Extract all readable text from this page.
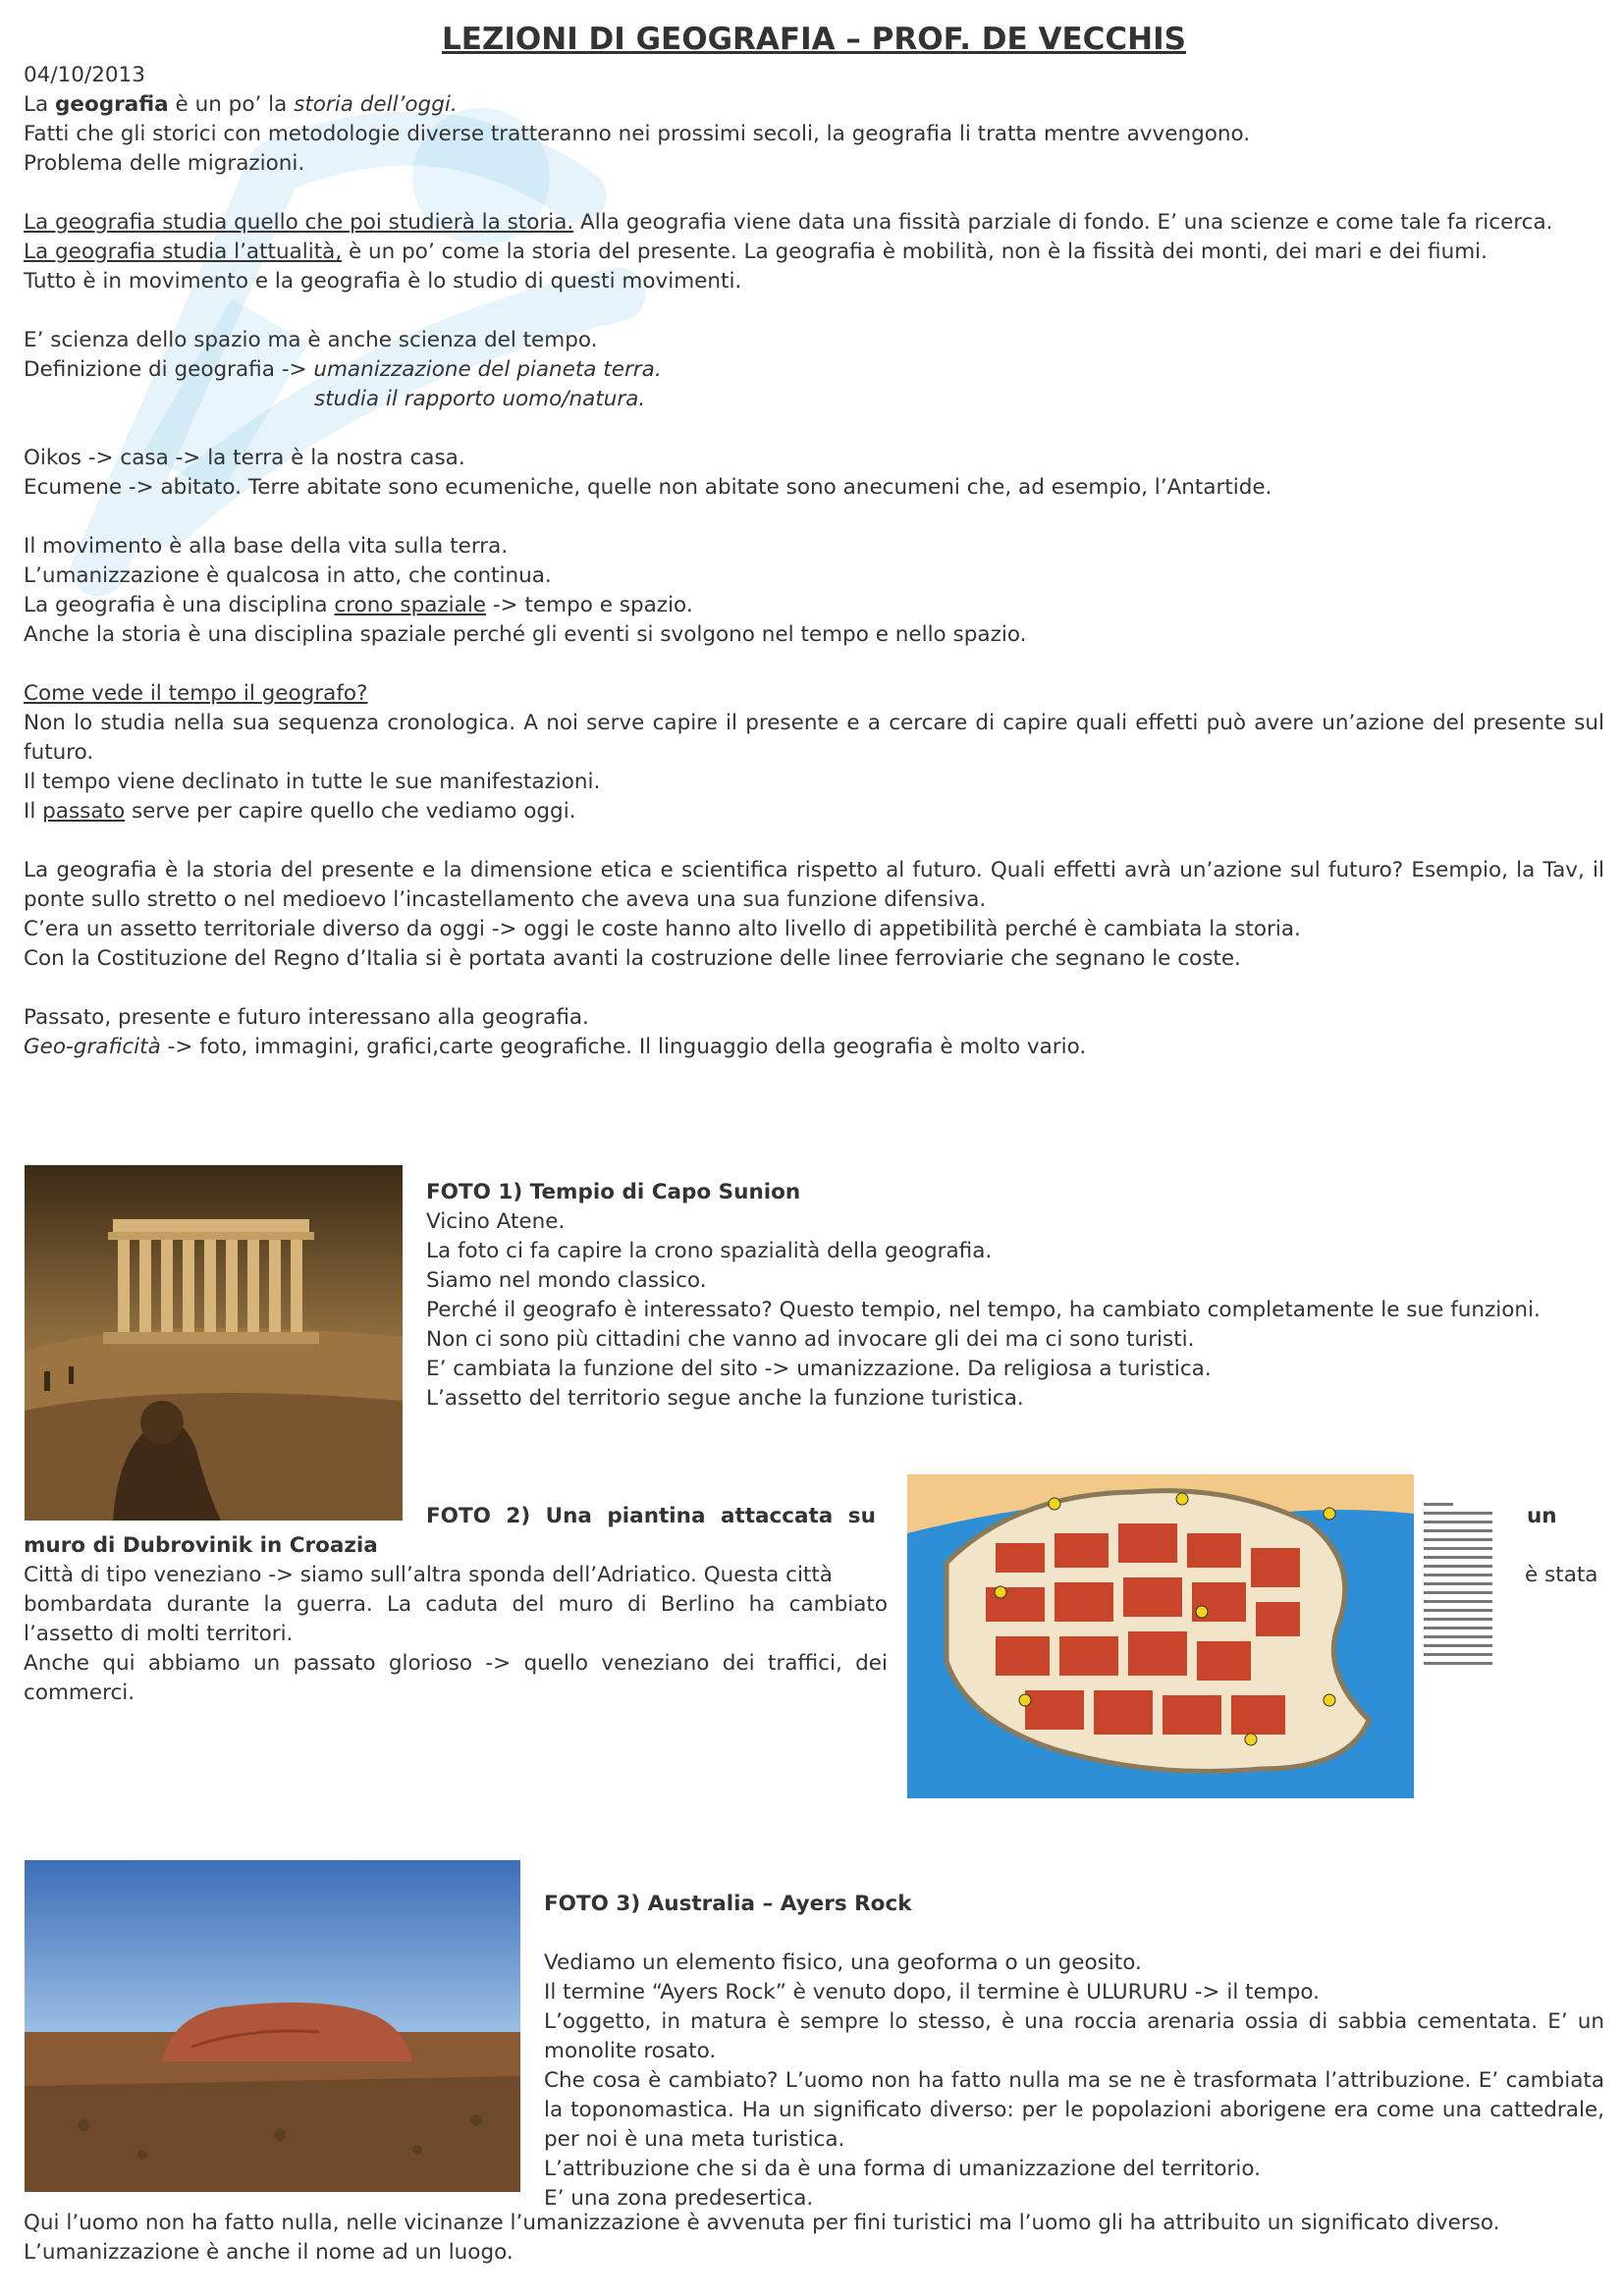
LEZIONI DI GEOGRAFIA – PROF. DE VECCHIS

04/10/2013

La geografia è un po’ la storia dell’oggi.

Fatti che gli storici con metodologie diverse tratteranno nei prossimi secoli, la geografia li tratta mentre avvengono.

Problema delle migrazioni.

La geografia studia quello che poi studierà la storia. Alla geografia viene data una fissità parziale di fondo. E’ una scienze e come tale fa ricerca.

La geografia studia l’attualità, è un po’ come la storia del presente. La geografia è mobilità, non è la fissità dei monti, dei mari e dei fiumi.

Tutto è in movimento e la geografia è lo studio di questi movimenti.

E’ scienza dello spazio ma è anche scienza del tempo.

Definizione di geografia -> umanizzazione del pianeta terra.

studia il rapporto uomo/natura.

Oikos -> casa -> la terra è la nostra casa.

Ecumene -> abitato. Terre abitate sono ecumeniche, quelle non abitate sono anecumeni che, ad esempio, l’Antartide.

Il movimento è alla base della vita sulla terra.

L’umanizzazione è qualcosa in atto, che continua.

La geografia è una disciplina crono spaziale -> tempo e spazio.

Anche la storia è una disciplina spaziale perché gli eventi si svolgono nel tempo e nello spazio.

Come vede il tempo il geografo?

Non lo studia nella sua sequenza cronologica. A noi serve capire il presente e a cercare di capire quali effetti può avere un’azione del presente sul futuro.

Il tempo viene declinato in tutte le sue manifestazioni.

Il passato serve per capire quello che vediamo oggi.

La geografia è la storia del presente e la dimensione etica e scientifica rispetto al futuro. Quali effetti avrà un’azione sul futuro? Esempio, la Tav, il ponte sullo stretto o nel medioevo l’incastellamento che aveva una sua funzione difensiva.

C’era un assetto territoriale diverso da oggi -> oggi le coste hanno alto livello di appetibilità perché è cambiata la storia.

Con la Costituzione del Regno d’Italia si è portata avanti la costruzione delle linee ferroviarie che segnano le coste.

Passato, presente e futuro interessano alla geografia.

Geo-graficità -> foto, immagini, grafici,carte geografiche. Il linguaggio della geografia è molto vario.

FOTO 1) Tempio di Capo Sunion

Vicino Atene.

La foto ci fa capire la crono spazialità della geografia.

Siamo nel mondo classico.

Perché il geografo è interessato? Questo tempio, nel tempo, ha cambiato completamente le sue funzioni.

Non ci sono più cittadini che vanno ad invocare gli dei ma ci sono turisti.

E’ cambiata la funzione del sito -> umanizzazione. Da religiosa a turistica.

L’assetto del territorio segue anche la funzione turistica.

FOTO 2) Una piantina attaccata su	un

muro di Dubrovinik in Croazia

Città di tipo veneziano -> siamo sull’altra sponda dell’Adriatico. Questa città

bombardata durante la guerra. La caduta del muro di Berlino ha cambiato l’assetto di molti territori.

Anche qui abbiamo un passato glorioso -> quello veneziano dei traffici, dei commerci.

è stata

FOTO 3) Australia – Ayers Rock

Vediamo un elemento fisico, una geoforma o un geosito.

Il termine “Ayers Rock” è venuto dopo, il termine è ULURURU -> il tempo.

L’oggetto, in matura è sempre lo stesso, è una roccia arenaria ossia di sabbia cementata. E’ un monolite rosato.

Che cosa è cambiato? L’uomo non ha fatto nulla ma se ne è trasformata l’attribuzione. E’ cambiata la toponomastica. Ha un significato diverso: per le popolazioni aborigene era come una cattedrale, per noi è una meta turistica.

L’attribuzione che si da è una forma di umanizzazione del territorio.

E’ una zona predesertica.

Qui l’uomo non ha fatto nulla, nelle vicinanze l’umanizzazione è avvenuta per fini turistici ma l’uomo gli ha attribuito un significato diverso.

L’umanizzazione è anche il nome ad un luogo.
